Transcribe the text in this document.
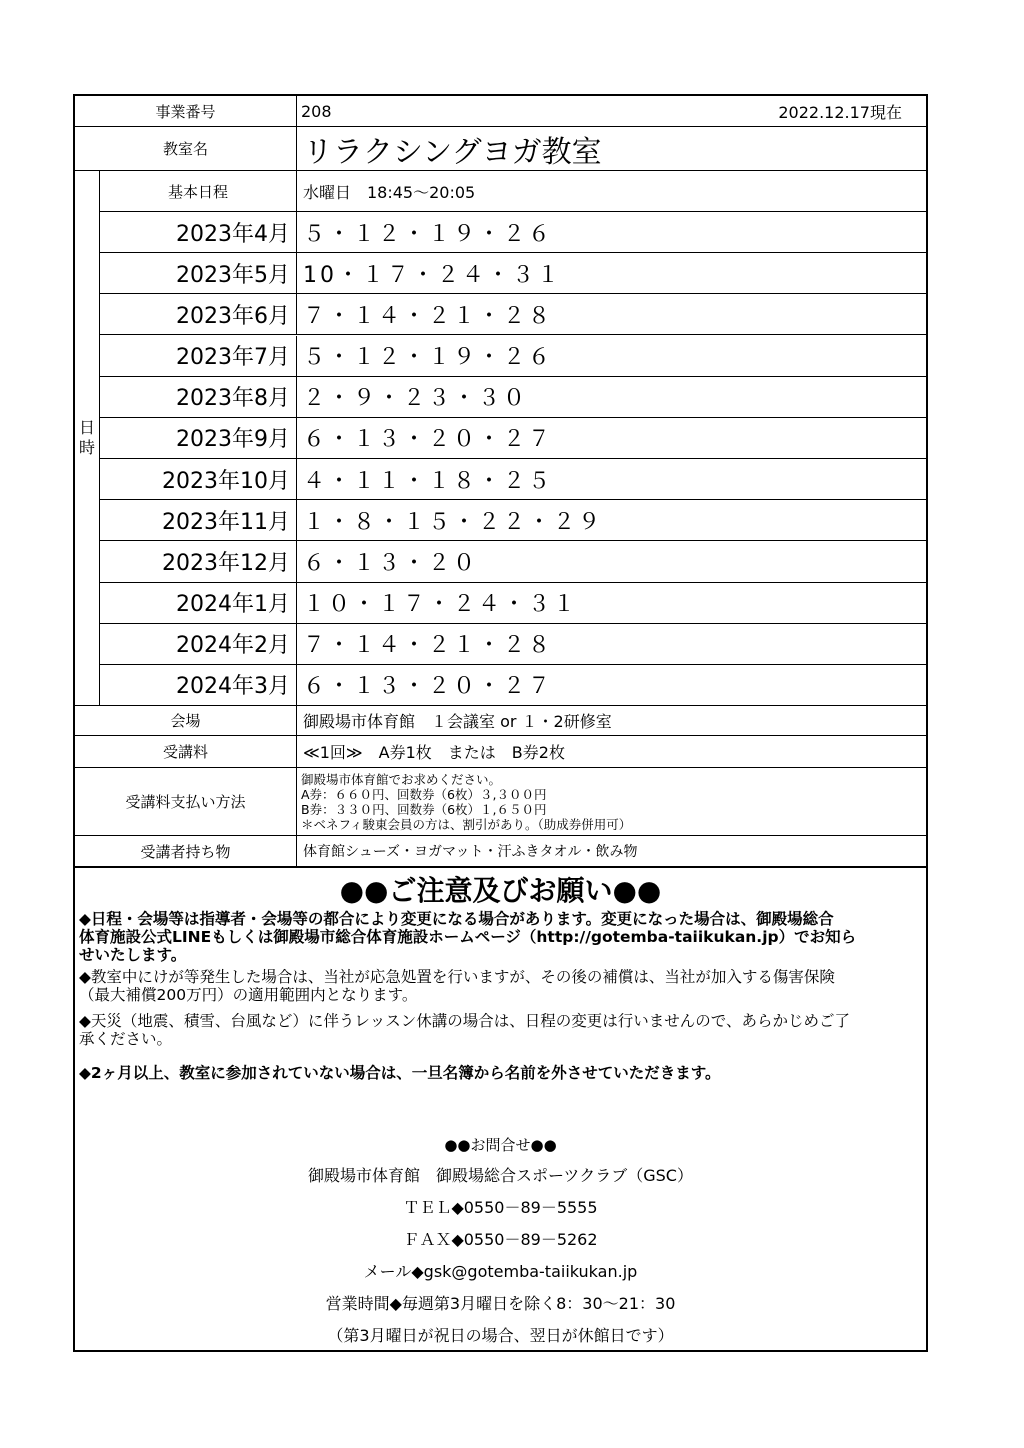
事業番号	208	2022.12.17現在
教室名	リラクシングヨガ教室
日
時
基本日程	水曜日　18:45～20:05
2023年4月 ５・１２・１９・２６
2023年5月 10・１７・２４・３１
2023年6月 ７・１４・２１・２８
2023年7月 ５・１２・１９・２６
2023年8月 ２・９・２３・３０
2023年9月 ６・１３・２０・２７
2023年10月 ４・１１・１８・２５
2023年11月 １・８・１５・２２・２９
2023年12月 ６・１３・２０
2024年1月 １０・１７・２４・３１
2024年2月 ７・１４・２１・２８
2024年3月 ６・１３・２０・２７
会場	御殿場市体育館　１会議室 or １・2研修室
受講料	≪1回≫　A券1枚　または　B券2枚
受講料支払い方法
御殿場市体育館でお求めください。
A券：６６０円、回数券（6枚）３,３００円
B券：３３０円、回数券（6枚）１,６５０円
＊ベネフィ駿東会員の方は、割引があり。（助成券併用可）
受講者持ち物	体育館シューズ・ヨガマット・汗ふきタオル・飲み物
●●ご注意及びお願い●●
◆日程・会場等は指導者・会場等の都合により変更になる場合があります。変更になった場合は、御殿場総合
体育施設公式LINEもしくは御殿場市総合体育施設ホームページ（http://gotemba-taiikukan.jp）でお知ら
せいたします。
◆教室中にけが等発生した場合は、当社が応急処置を行いますが、その後の補償は、当社が加入する傷害保険
（最大補償200万円）の適用範囲内となります。
◆天災（地震、積雪、台風など）に伴うレッスン休講の場合は、日程の変更は行いませんので、あらかじめご了
承ください。
◆2ヶ月以上、教室に参加されていない場合は、一旦名簿から名前を外させていただきます。
●●お問合せ●●
御殿場市体育館　御殿場総合スポーツクラブ（GSC）
ＴＥＬ◆0550－89－5555
ＦＡＸ◆0550－89－5262
メール◆gsk@gotemba-taiikukan.jp
営業時間◆毎週第3月曜日を除く8：30～21：30
（第3月曜日が祝日の場合、翌日が休館日です）
